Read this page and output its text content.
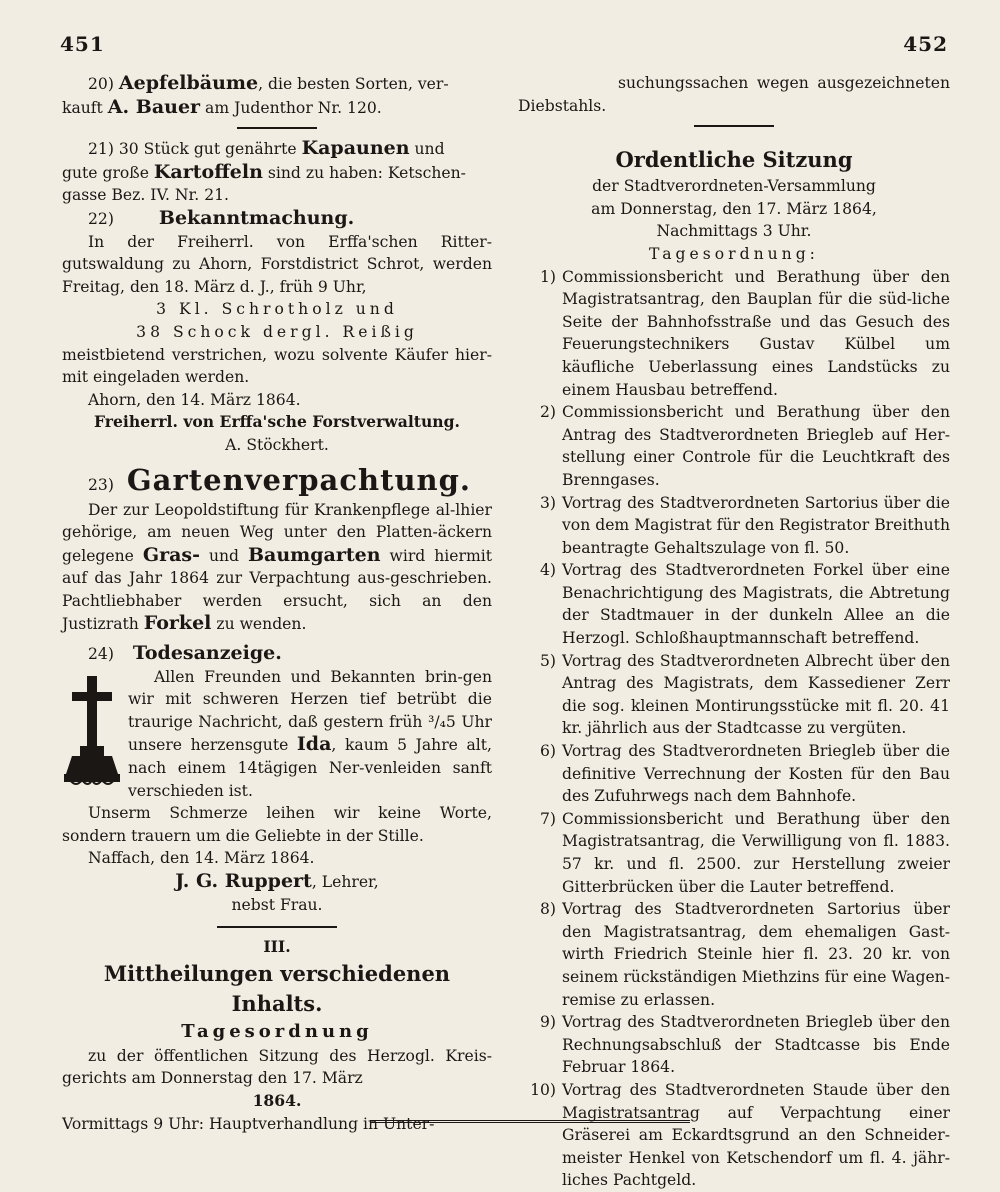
451	452

20) Aepfelbäume, die besten Sorten, ver-

kauft A. Bauer am Judenthor Nr. 120.

21) 30 Stück gut genährte Kapaunen und

gute große Kartoffeln sind zu haben: Ketschen-

gasse Bez. IV. Nr. 21.

22) Bekanntmachung.

In der Freiherrl. von Erffa'schen Ritter-gutswaldung zu Ahorn, Forstdistrict Schrot, werden Freitag, den 18. März d. J., früh 9 Uhr,

3 Kl. Schrotholz und

38 Schock dergl. Reißig

meistbietend verstrichen, wozu solvente Käufer hier-mit eingeladen werden.

Ahorn, den 14. März 1864.

Freiherrl. von Erffa'sche Forstverwaltung.

A. Stöckhert.

23) Gartenverpachtung.

Der zur Leopoldstiftung für Krankenpflege al-lhier gehörige, am neuen Weg unter den Platten-äckern gelegene Gras- und Baumgarten wird hiermit auf das Jahr 1864 zur Verpachtung aus-geschrieben. Pachtliebhaber werden ersucht, sich an den Justizrath Forkel zu wenden.

24) Todesanzeige.

Allen Freunden und Bekannten brin-gen wir mit schweren Herzen tief betrübt die traurige Nachricht, daß gestern früh ³/₄5 Uhr unsere herzensgute Ida, kaum 5 Jahre alt, nach einem 14tägigen Ner-venleiden sanft verschieden ist.

Unserm Schmerze leihen wir keine Worte, sondern trauern um die Geliebte in der Stille.

Naffach, den 14. März 1864.

J. G. Ruppert, Lehrer,

nebst Frau.

III.

Mittheilungen verschiedenen Inhalts.

Tagesordnung

zu der öffentlichen Sitzung des Herzogl. Kreis-gerichts am Donnerstag den 17. März

1864.

Vormittags 9 Uhr: Hauptverhandlung in Unter-

suchungssachen wegen ausgezeichneten Diebstahls.

Ordentliche Sitzung

der Stadtverordneten-Versammlung

am Donnerstag, den 17. März 1864,

Nachmittags 3 Uhr.

Tagesordnung:

1) Commissionsbericht und Berathung über den Magistratsantrag, den Bauplan für die süd-liche Seite der Bahnhofsstraße und das Gesuch des Feuerungstechnikers Gustav Külbel um käufliche Ueberlassung eines Landstücks zu einem Hausbau betreffend.
2) Commissionsbericht und Berathung über den Antrag des Stadtverordneten Briegleb auf Her-stellung einer Controle für die Leuchtkraft des Brenngases.
3) Vortrag des Stadtverordneten Sartorius über die von dem Magistrat für den Registrator Breithuth beantragte Gehaltszulage von fl. 50.
4) Vortrag des Stadtverordneten Forkel über eine Benachrichtigung des Magistrats, die Abtretung der Stadtmauer in der dunkeln Allee an die Herzogl. Schloßhauptmannschaft betreffend.
5) Vortrag des Stadtverordneten Albrecht über den Antrag des Magistrats, dem Kassediener Zerr die sog. kleinen Montirungsstücke mit fl. 20. 41 kr. jährlich aus der Stadtcasse zu vergüten.
6) Vortrag des Stadtverordneten Briegleb über die definitive Verrechnung der Kosten für den Bau des Zufuhrwegs nach dem Bahnhofe.
7) Commissionsbericht und Berathung über den Magistratsantrag, die Verwilligung von fl. 1883. 57 kr. und fl. 2500. zur Herstellung zweier Gitterbrücken über die Lauter betreffend.
8) Vortrag des Stadtverordneten Sartorius über den Magistratsantrag, dem ehemaligen Gast-wirth Friedrich Steinle hier fl. 23. 20 kr. von seinem rückständigen Miethzins für eine Wagen-remise zu erlassen.
9) Vortrag des Stadtverordneten Briegleb über den Rechnungsabschluß der Stadtcasse bis Ende Februar 1864.
10) Vortrag des Stadtverordneten Staude über den Magistratsantrag auf Verpachtung einer Gräserei am Eckardtsgrund an den Schneider-meister Henkel von Ketschendorf um fl. 4. jähr-liches Pachtgeld.
